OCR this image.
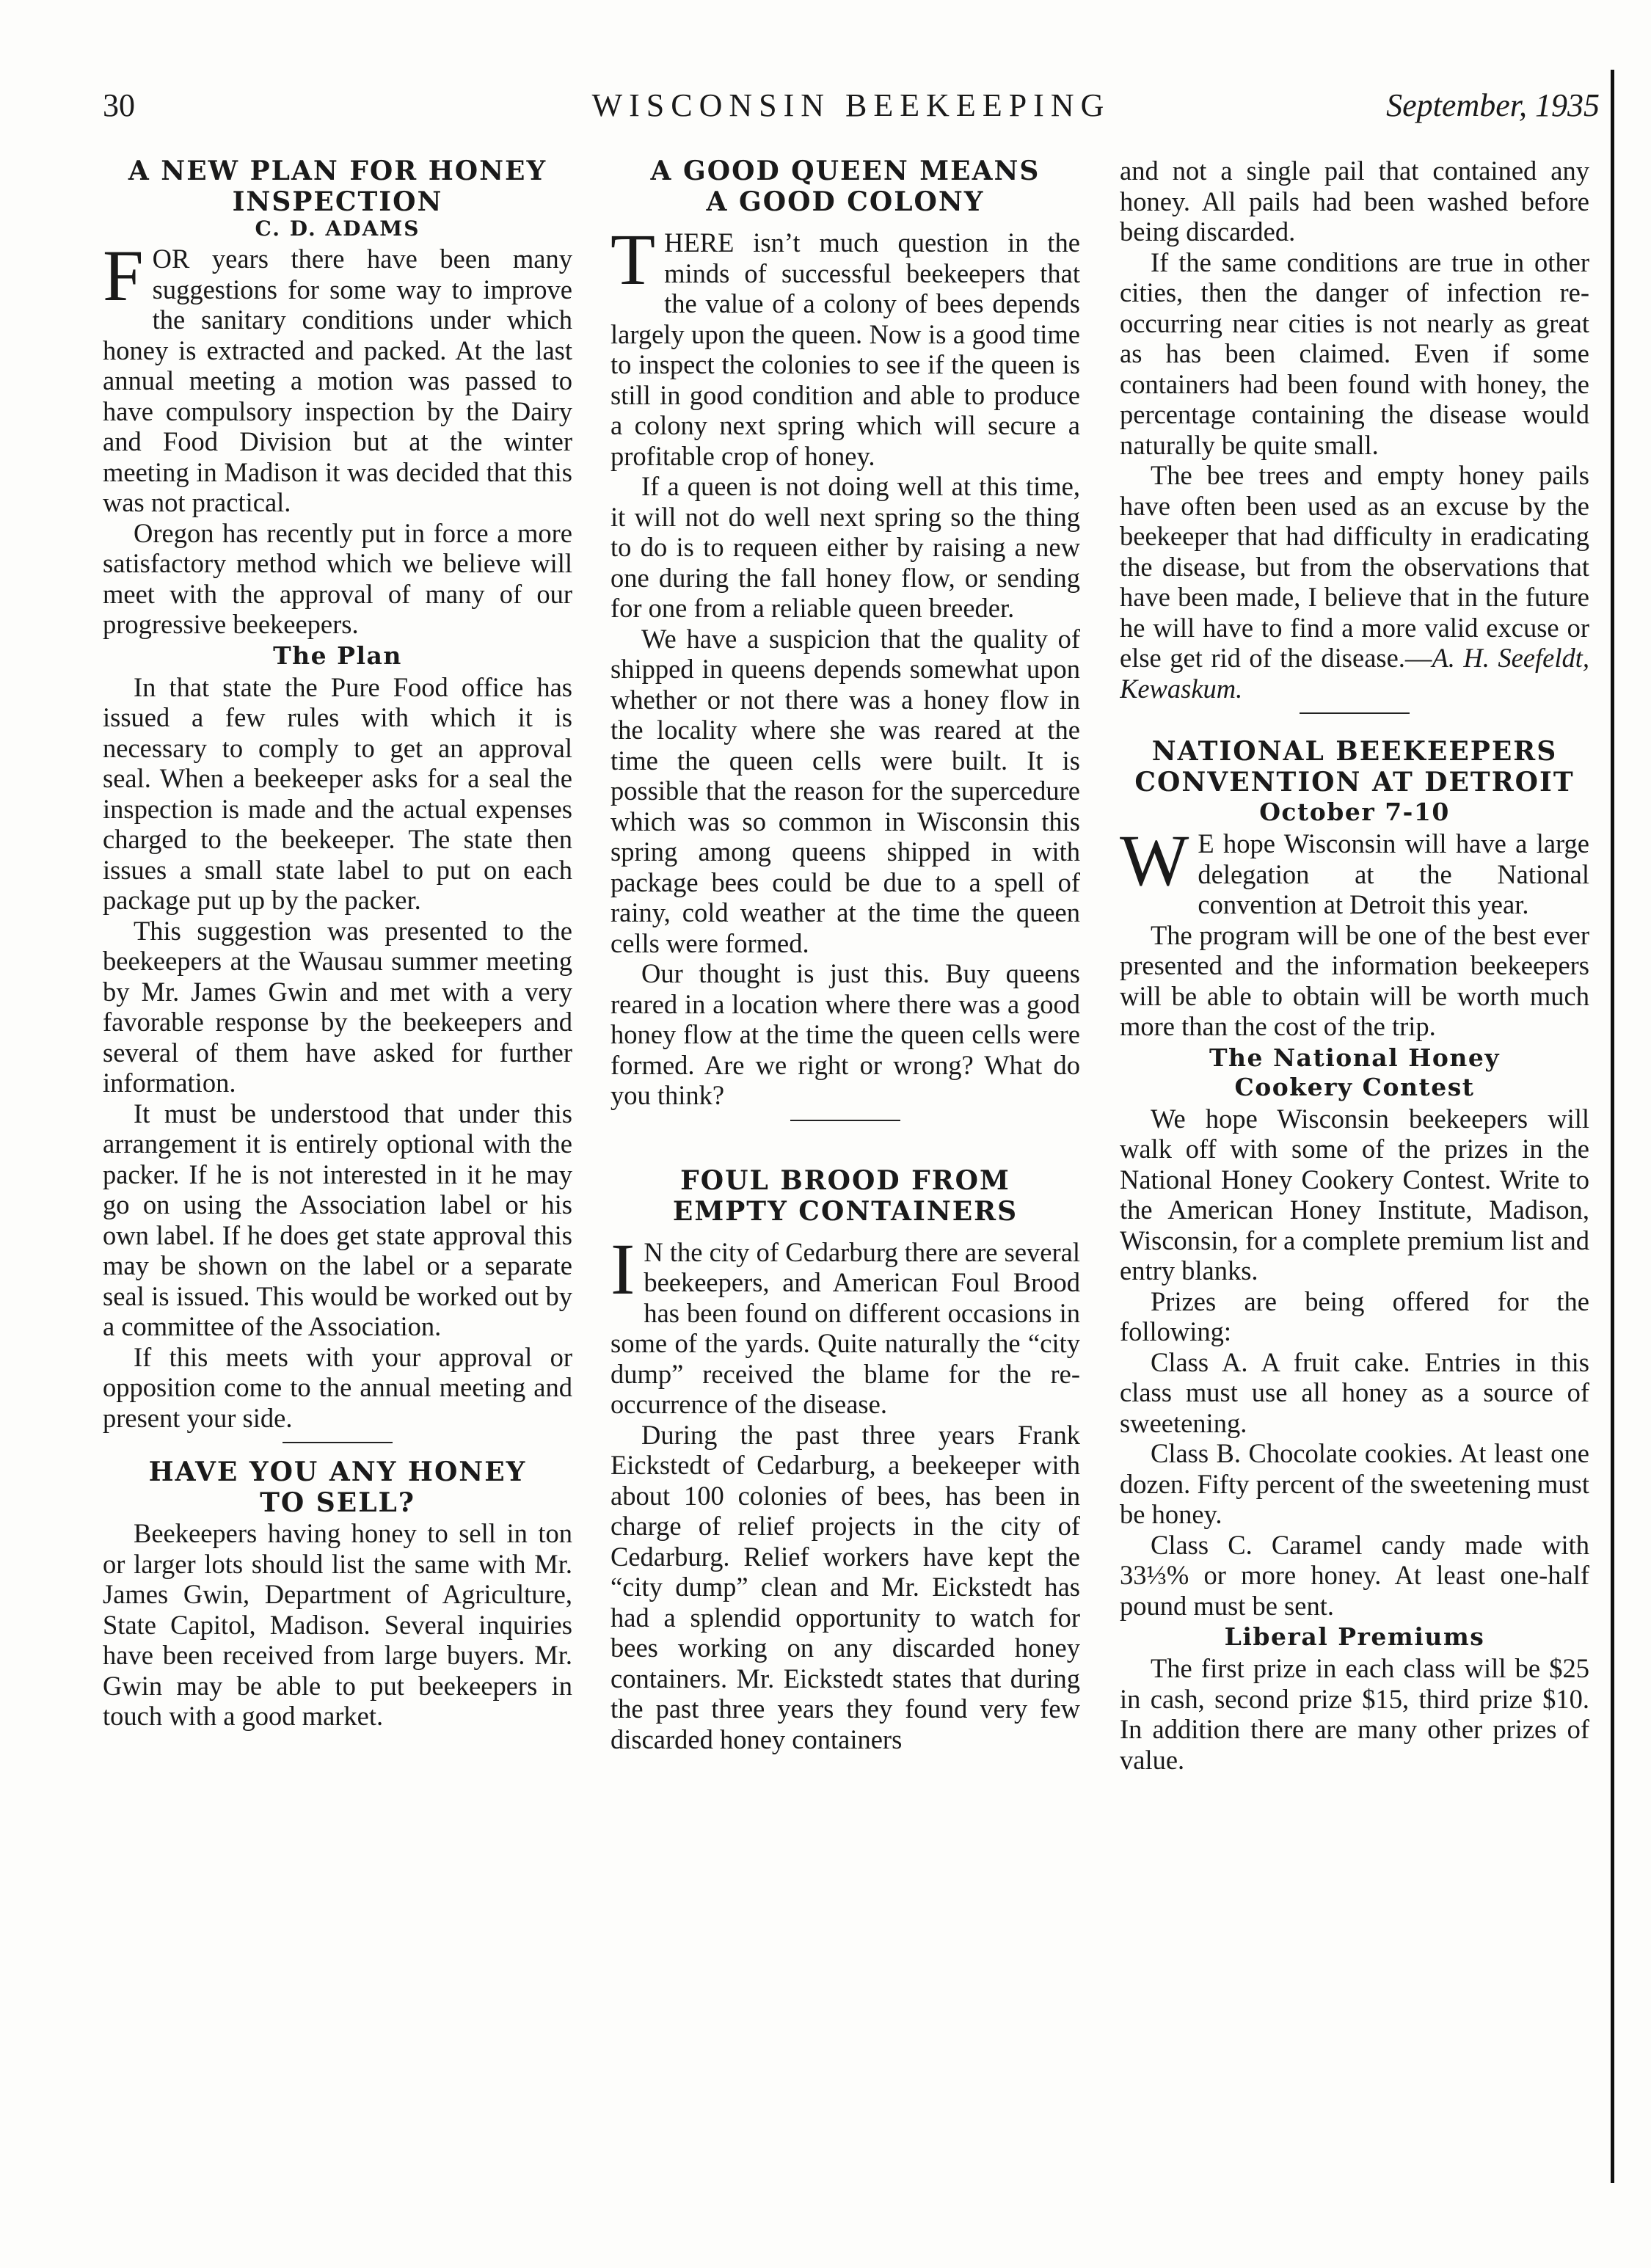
30	WISCONSIN BEEKEEPING	September, 1935
A NEW PLAN FOR HONEY
INSPECTION
C. D. ADAMS

FOR years there have been many suggestions for some way to improve the sanitary conditions under which honey is extracted and packed. At the last annual meeting a motion was passed to have compulsory inspection by the Dairy and Food Division but at the winter meeting in Madison it was decided that this was not practical.

Oregon has recently put in force a more satisfactory method which we believe will meet with the approval of many of our progressive beekeepers.

The Plan

In that state the Pure Food office has issued a few rules with which it is necessary to comply to get an approval seal. When a beekeeper asks for a seal the inspection is made and the actual expenses charged to the beekeeper. The state then issues a small state label to put on each package put up by the packer.

This suggestion was presented to the beekeepers at the Wausau summer meeting by Mr. James Gwin and met with a very favorable response by the beekeepers and several of them have asked for further information.

It must be understood that under this arrangement it is entirely optional with the packer. If he is not interested in it he may go on using the Association label or his own label. If he does get state approval this may be shown on the label or a separate seal is issued. This would be worked out by a committee of the Association.

If this meets with your approval or opposition come to the annual meeting and present your side.

HAVE YOU ANY HONEY
TO SELL?

Beekeepers having honey to sell in ton or larger lots should list the same with Mr. James Gwin, Department of Agriculture, State Capitol, Madison. Several inquiries have been received from large buyers. Mr. Gwin may be able to put beekeepers in touch with a good market.

A GOOD QUEEN MEANS
A GOOD COLONY

THERE isn’t much question in the minds of successful beekeepers that the value of a colony of bees depends largely upon the queen. Now is a good time to inspect the colonies to see if the queen is still in good condition and able to produce a colony next spring which will secure a profitable crop of honey.

If a queen is not doing well at this time, it will not do well next spring so the thing to do is to requeen either by raising a new one during the fall honey flow, or sending for one from a reliable queen breeder.

We have a suspicion that the quality of shipped in queens depends somewhat upon whether or not there was a honey flow in the locality where she was reared at the time the queen cells were built. It is possible that the reason for the supercedure which was so common in Wisconsin this spring among queens shipped in with package bees could be due to a spell of rainy, cold weather at the time the queen cells were formed.

Our thought is just this. Buy queens reared in a location where there was a good honey flow at the time the queen cells were formed. Are we right or wrong? What do you think?

FOUL BROOD FROM
EMPTY CONTAINERS

I N the city of Cedarburg there are several beekeepers, and American Foul Brood has been found on different occasions in some of the yards. Quite naturally the “city dump” received the blame for the re-occurrence of the disease.

During the past three years Frank Eickstedt of Cedarburg, a beekeeper with about 100 colonies of bees, has been in charge of relief projects in the city of Cedarburg. Relief workers have kept the “city dump” clean and Mr. Eickstedt has had a splendid opportunity to watch for bees working on any discarded honey containers. Mr. Eickstedt states that during the past three years they found very few discarded honey containers

and not a single pail that contained any honey. All pails had been washed before being discarded.

If the same conditions are true in other cities, then the danger of infection re-occurring near cities is not nearly as great as has been claimed. Even if some containers had been found with honey, the percentage containing the disease would naturally be quite small.

The bee trees and empty honey pails have often been used as an excuse by the beekeeper that had difficulty in eradicating the disease, but from the observations that have been made, I believe that in the future he will have to find a more valid excuse or else get rid of the disease.—A. H. Seefeldt, Kewaskum.

NATIONAL BEEKEEPERS
CONVENTION AT DETROIT
October 7-10

W E hope Wisconsin will have a large delegation at the National convention at Detroit this year.

The program will be one of the best ever presented and the information beekeepers will be able to obtain will be worth much more than the cost of the trip.

The National Honey
Cookery Contest

We hope Wisconsin beekeepers will walk off with some of the prizes in the National Honey Cookery Contest. Write to the American Honey Institute, Madison, Wisconsin, for a complete premium list and entry blanks.

Prizes are being offered for the following:

Class A. A fruit cake. Entries in this class must use all honey as a source of sweetening.

Class B. Chocolate cookies. At least one dozen. Fifty percent of the sweetening must be honey.

Class C. Caramel candy made with 33⅓% or more honey. At least one-half pound must be sent.

Liberal Premiums

The first prize in each class will be $25 in cash, second prize $15, third prize $10. In addition there are many other prizes of value.
